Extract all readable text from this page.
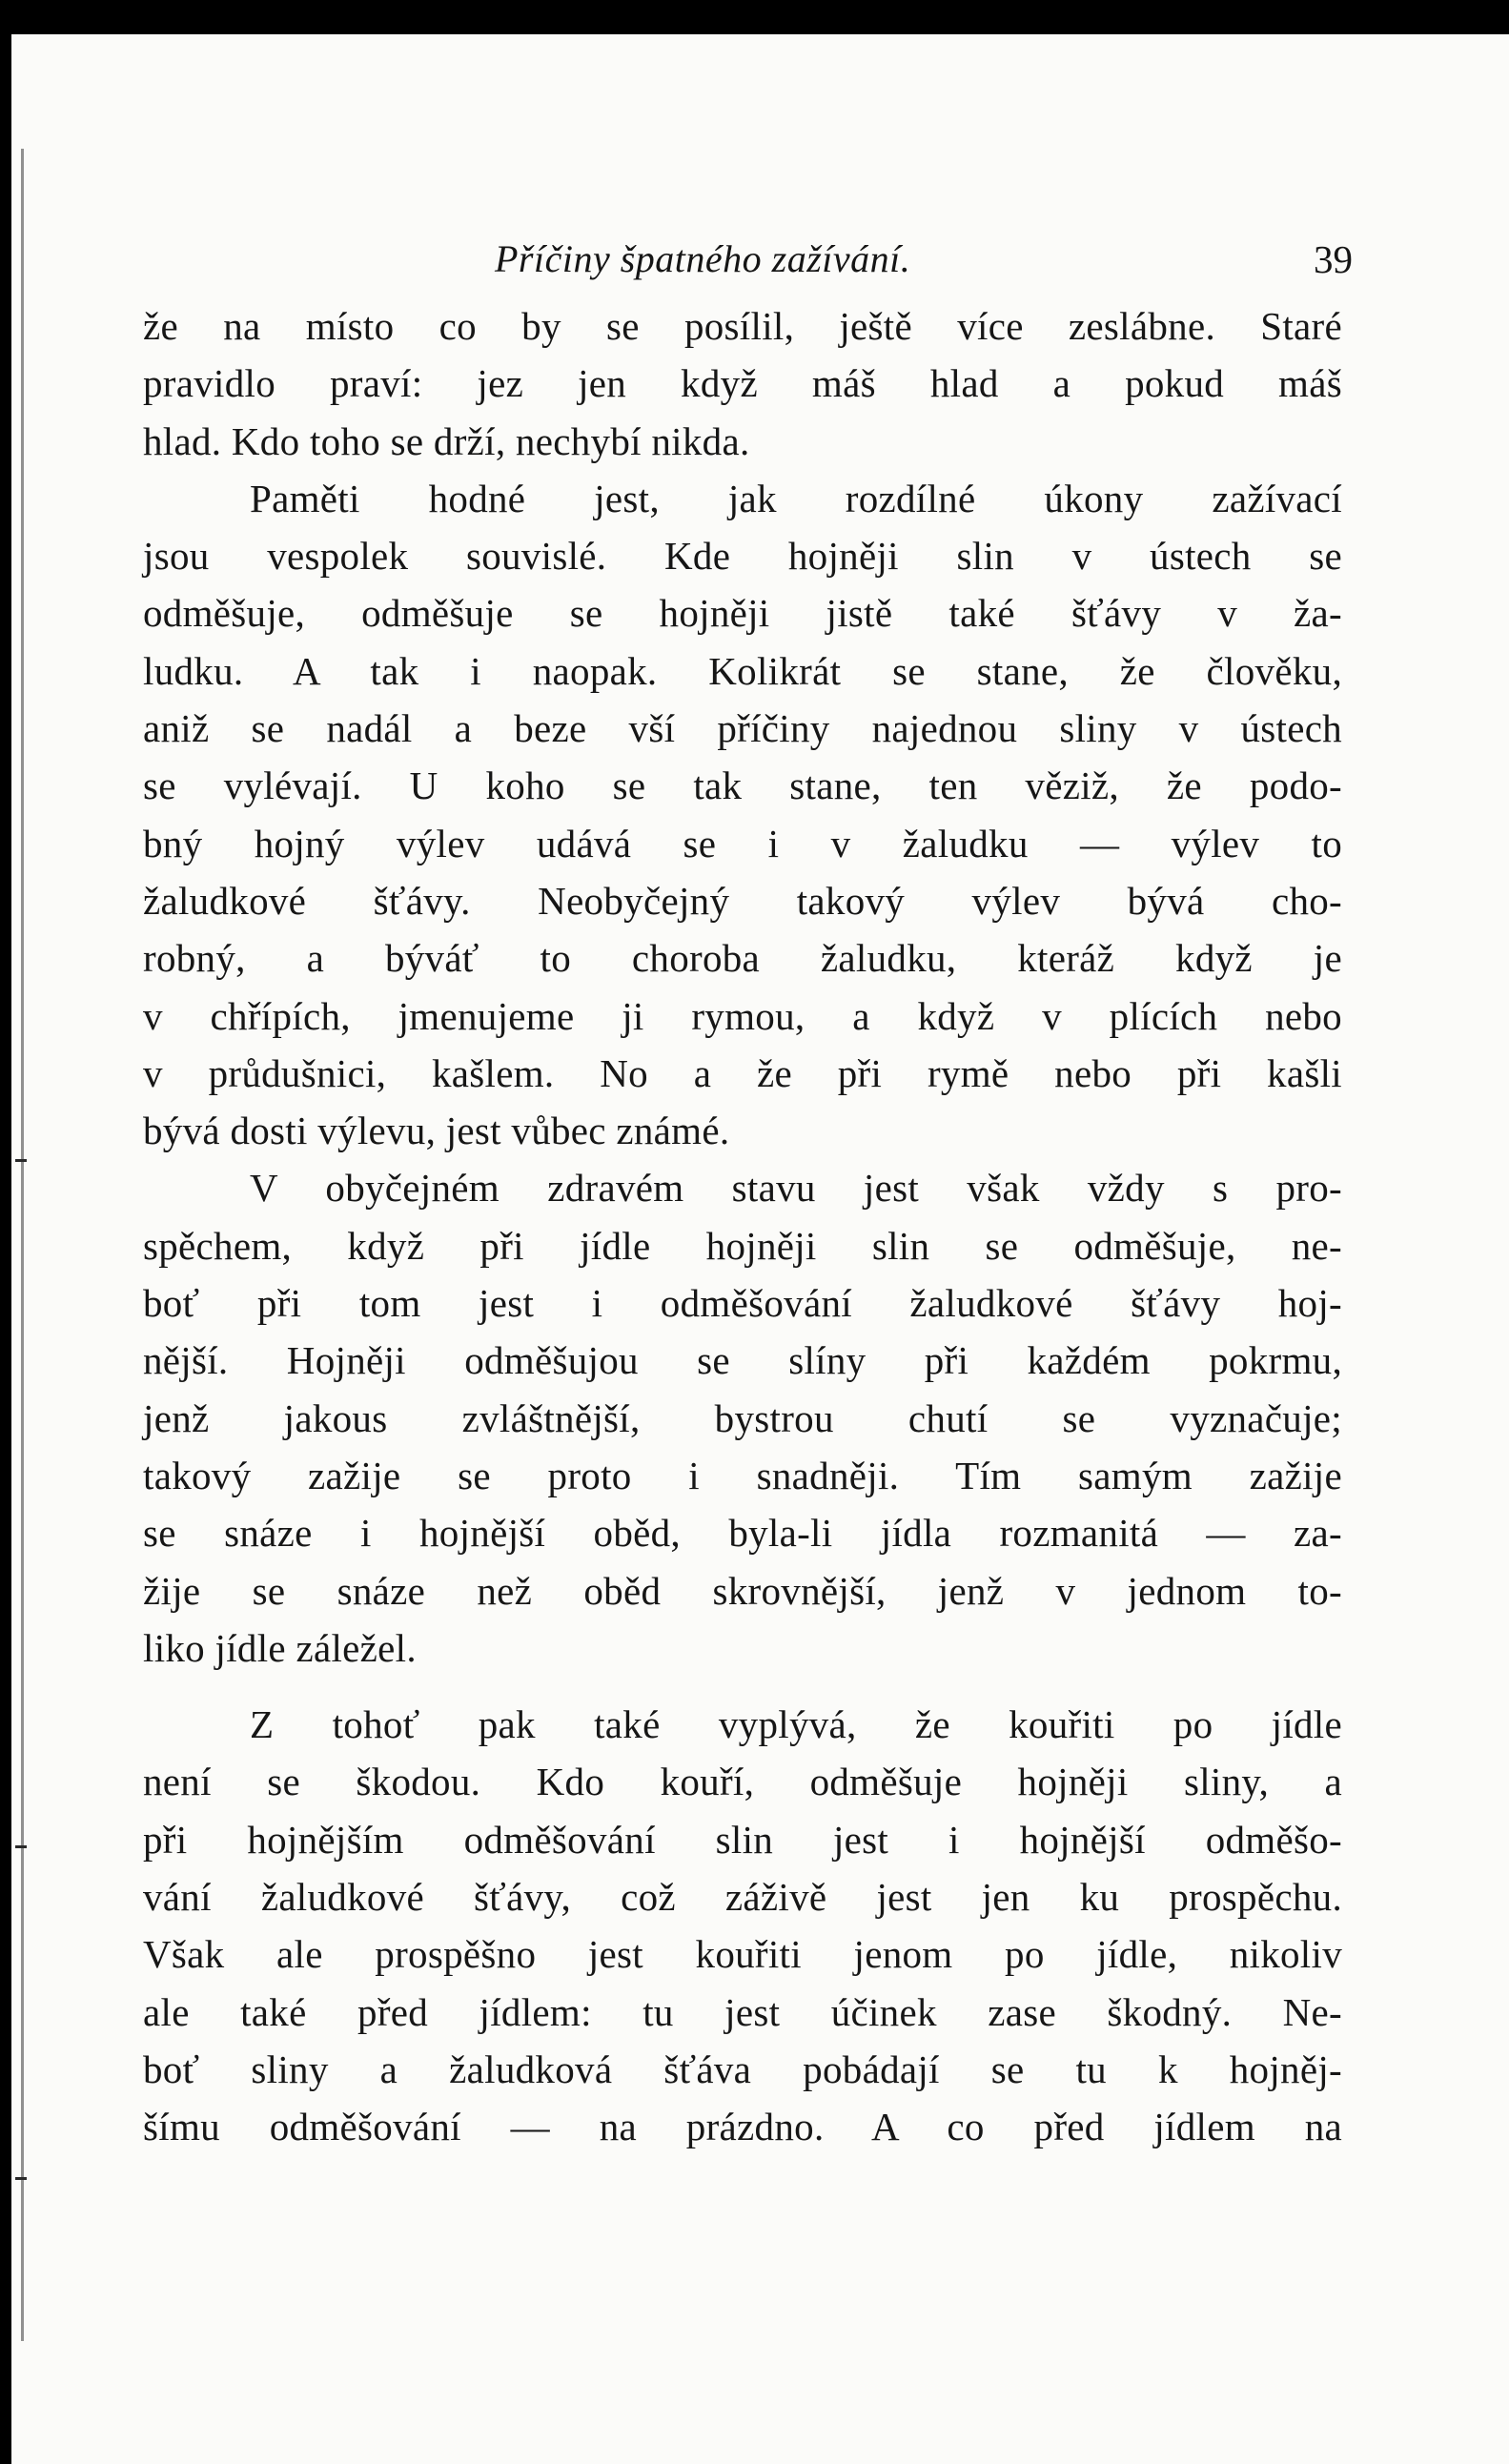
Příčiny špatného zažívání.	39
že na místo co by se posílil, ještě více zeslábne. Staré
pravidlo praví: jez jen když máš hlad a pokud máš
hlad. Kdo toho se drží, nechybí nikda.
Paměti hodné jest, jak rozdílné úkony zažívací
jsou vespolek souvislé. Kde hojněji slin v ústech se
odměšuje, odměšuje se hojněji jistě také šťávy v ža-
ludku. A tak i naopak. Kolikrát se stane, že člověku,
aniž se nadál a beze vší příčiny najednou sliny v ústech
se vylévají. U koho se tak stane, ten věziž, že podo-
bný hojný výlev udává se i v žaludku — výlev to
žaludkové šťávy. Neobyčejný takový výlev bývá cho-
robný, a býváť to choroba žaludku, kteráž když je
v chřípích, jmenujeme ji rymou, a když v plících nebo
v průdušnici, kašlem. No a že při rymě nebo při kašli
bývá dosti výlevu, jest vůbec známé.
V obyčejném zdravém stavu jest však vždy s pro-
spěchem, když při jídle hojněji slin se odměšuje, ne-
boť při tom jest i odměšování žaludkové šťávy hoj-
nější. Hojněji odměšujou se slíny při každém pokrmu,
jenž jakous zvláštnější, bystrou chutí se vyznačuje;
takový zažije se proto i snadněji. Tím samým zažije
se snáze i hojnější oběd, byla-li jídla rozmanitá — za-
žije se snáze než oběd skrovnější, jenž v jednom to-
liko jídle záležel.
Z tohoť pak také vyplývá, že kouřiti po jídle
není se škodou. Kdo kouří, odměšuje hojněji sliny, a
při hojnějším odměšování slin jest i hojnější odměšo-
vání žaludkové šťávy, což záživě jest jen ku prospěchu.
Však ale prospěšno jest kouřiti jenom po jídle, nikoliv
ale také před jídlem: tu jest účinek zase škodný. Ne-
boť sliny a žaludková šťáva pobádají se tu k hojněj-
šímu odměšování — na prázdno. A co před jídlem na
